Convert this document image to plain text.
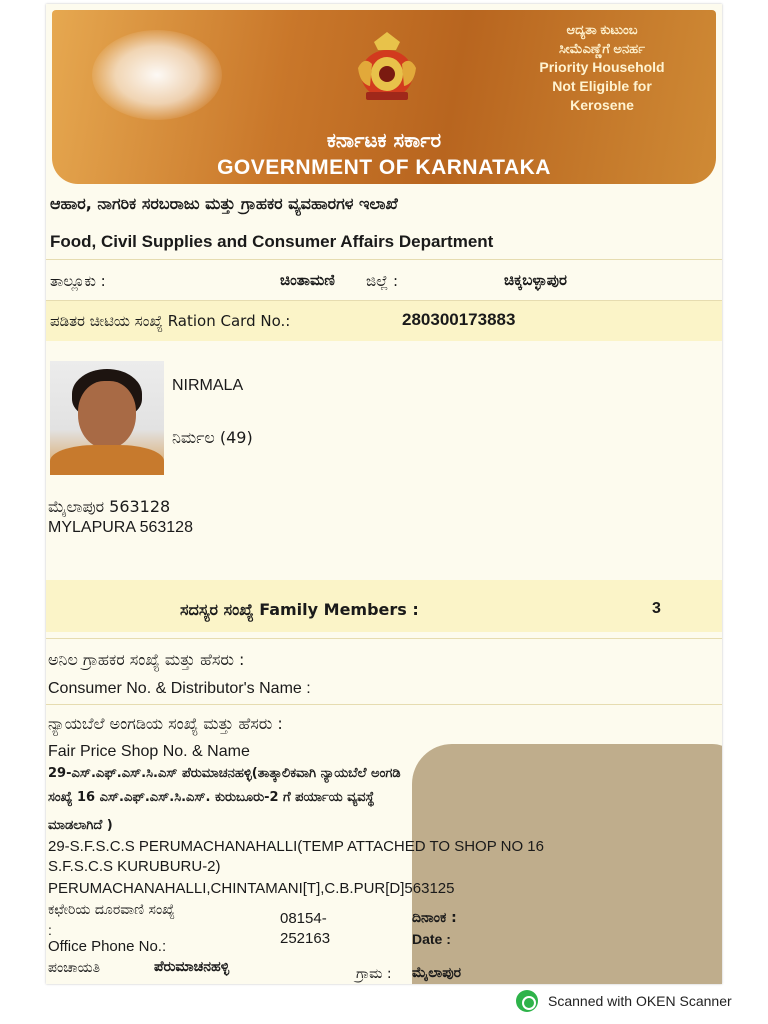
ಆದ್ಯತಾ ಕುಟುಂಬ
ಸೀಮೆಎಣ್ಣೆಗೆ ಅನರ್ಹ
Priority Household
Not Eligible for
Kerosene
ಕರ್ನಾಟಕ ಸರ್ಕಾರ
GOVERNMENT OF KARNATAKA
ಆಹಾರ, ನಾಗರಿಕ ಸರಬರಾಜು ಮತ್ತು ಗ್ರಾಹಕರ ವ್ಯವಹಾರಗಳ ಇಲಾಖೆ
Food, Civil Supplies and Consumer Affairs Department
ತಾಲ್ಲೂಕು :	ಚಿಂತಾಮಣಿ ಜಿಲ್ಲೆ :	ಚಿಕ್ಕಬಳ್ಳಾಪುರ
ಪಡಿತರ ಚೀಟಿಯ ಸಂಖ್ಯೆ Ration Card No.:	280300173883
NIRMALA
ನಿರ್ಮಲ (49)
ಮೈಲಾಪುರ 563128
MYLAPURA 563128
ಸದಸ್ಯರ ಸಂಖ್ಯೆ Family Members :	3
ಅನಿಲ ಗ್ರಾಹಕರ ಸಂಖ್ಯೆ ಮತ್ತು ಹೆಸರು :
Consumer No. & Distributor's Name :
ನ್ಯಾಯಬೆಲೆ ಅಂಗಡಿಯ ಸಂಖ್ಯೆ ಮತ್ತು ಹೆಸರು :
Fair Price Shop No. & Name
29-ಎಸ್.ಎಫ್.ಎಸ್.ಸಿ.ಎಸ್ ಪೆರುಮಾಚನಹಳ್ಳಿ(ತಾತ್ಕಾಲಿಕವಾಗಿ ನ್ಯಾಯಬೆಲೆ ಅಂಗಡಿ
ಸಂಖ್ಯೆ 16 ಎಸ್.ಎಫ್.ಎಸ್.ಸಿ.ಎಸ್. ಕುರುಬೂರು-2 ಗೆ ಪರ್ಯಾಯ ವ್ಯವಸ್ಥೆ
ಮಾಡಲಾಗಿದೆ )
29-S.F.S.C.S PERUMACHANAHALLI(TEMP ATTACHED TO SHOP NO 16
S.F.S.C.S KURUBURU-2)
PERUMACHANAHALLI,CHINTAMANI[T],C.B.PUR[D]563125
ಕಛೇರಿಯ ದೂರವಾಣಿ ಸಂಖ್ಯೆ
:
Office Phone No.:
08154-
252163
ದಿನಾಂಕ :
Date :
ಪಂಚಾಯತಿ	ಪೆರುಮಾಚನಹಳ್ಳಿ	ಗ್ರಾಮ : ಮೈಲಾಪುರ
Scanned with OKEN Scanner
